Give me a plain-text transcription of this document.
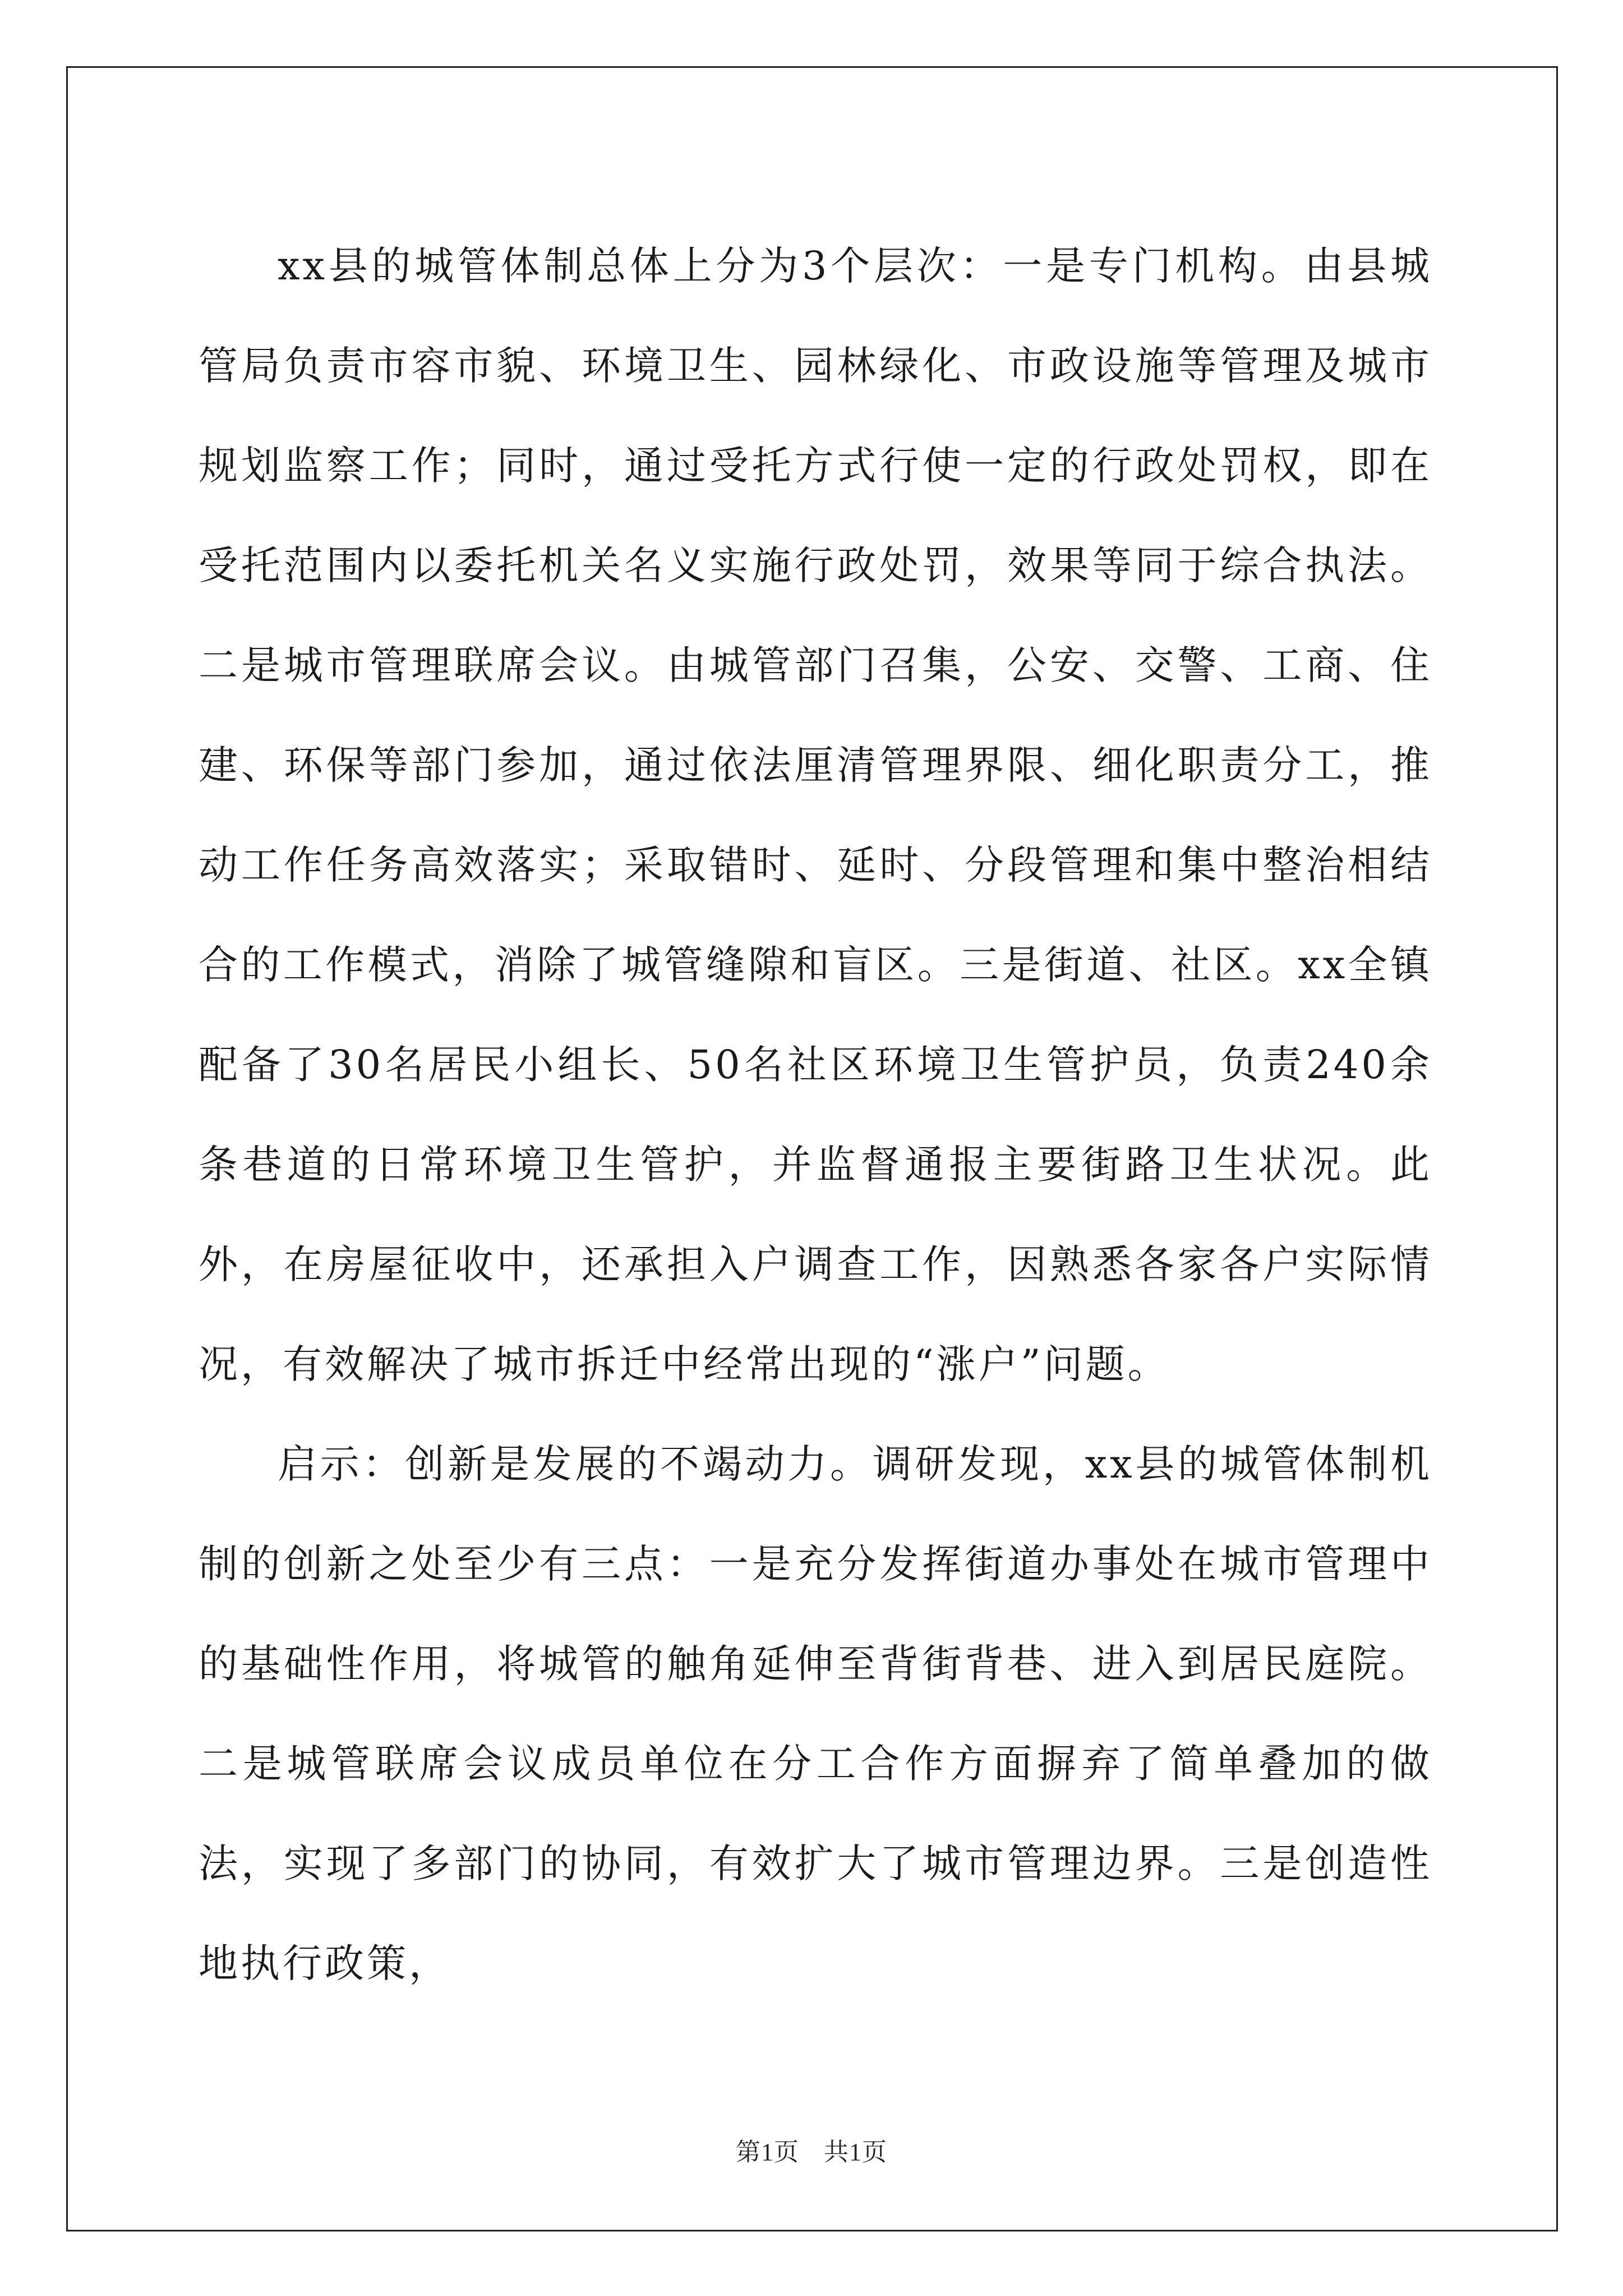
xx县的城管体制总体上分为3个层次：一是专门机构。由县城管局负责市容市貌、环境卫生、园林绿化、市政设施等管理及城市规划监察工作；同时，通过受托方式行使一定的行政处罚权，即在受托范围内以委托机关名义实施行政处罚，效果等同于综合执法。二是城市管理联席会议。由城管部门召集，公安、交警、工商、住建、环保等部门参加，通过依法厘清管理界限、细化职责分工，推动工作任务高效落实；采取错时、延时、分段管理和集中整治相结合的工作模式，消除了城管缝隙和盲区。三是街道、社区。xx全镇配备了30名居民小组长、50名社区环境卫生管护员，负责240余条巷道的日常环境卫生管护，并监督通报主要街路卫生状况。此外，在房屋征收中，还承担入户调查工作，因熟悉各家各户实际情况，有效解决了城市拆迁中经常出现的“涨户”问题。

启示：创新是发展的不竭动力。调研发现，xx县的城管体制机制的创新之处至少有三点：一是充分发挥街道办事处在城市管理中的基础性作用，将城管的触角延伸至背街背巷、进入到居民庭院。二是城管联席会议成员单位在分工合作方面摒弃了简单叠加的做法，实现了多部门的协同，有效扩大了城市管理边界。三是创造性地执行政策，

第1页 共1页
